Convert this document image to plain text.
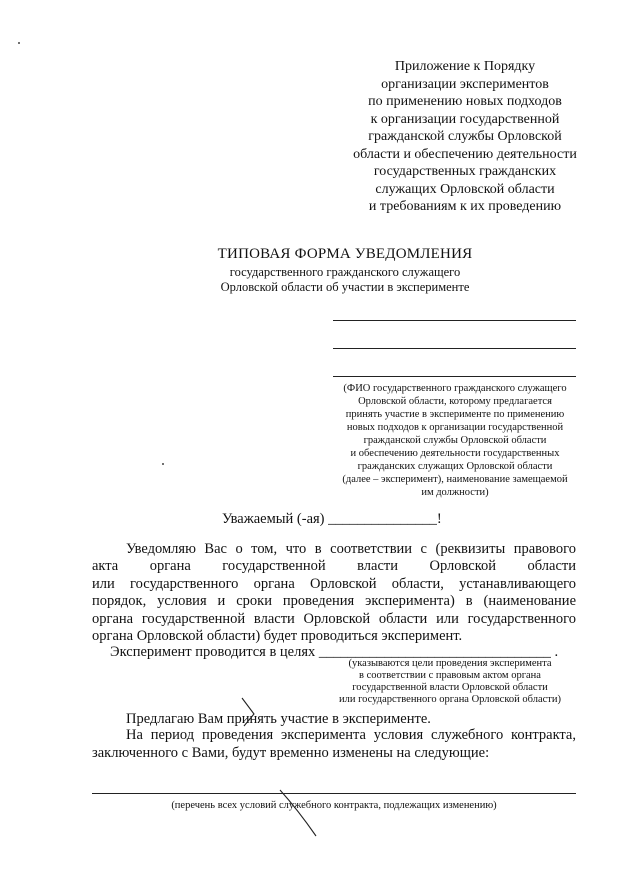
Приложение к Порядку
организации экспериментов
по применению новых подходов
к организации государственной
гражданской службы Орловской
области и обеспечению деятельности
государственных гражданских
служащих Орловской области
и требованиям к их проведению
ТИПОВАЯ ФОРМА УВЕДОМЛЕНИЯ
государственного гражданского служащего
Орловской области об участии в эксперименте
(ФИО государственного гражданского служащего
Орловской области, которому предлагается
принять участие в эксперименте по применению
новых подходов к организации государственной
гражданской службы Орловской области
и обеспечению деятельности государственных
гражданских служащих Орловской области
(далее – эксперимент), наименование замещаемой
им должности)
Уважаемый (-ая) _______________!
Уведомляю Вас о том, что в соответствии с (реквизиты правового
акта органа государственной власти Орловской области
или государственного органа Орловской области, устанавливающего
порядок, условия и сроки проведения эксперимента) в (наименование
органа государственной власти Орловской области или государственного
органа Орловской области) будет проводиться эксперимент.
Эксперимент проводится в целях ________________________________ .
(указываются цели проведения эксперимента
в соответствии с правовым актом органа
государственной власти Орловской области
или государственного органа Орловской области)
Предлагаю Вам принять участие в эксперименте.
На период проведения эксперимента условия служебного контракта,
заключенного с Вами, будут временно изменены на следующие:
(перечень всех условий служебного контракта, подлежащих изменению)
